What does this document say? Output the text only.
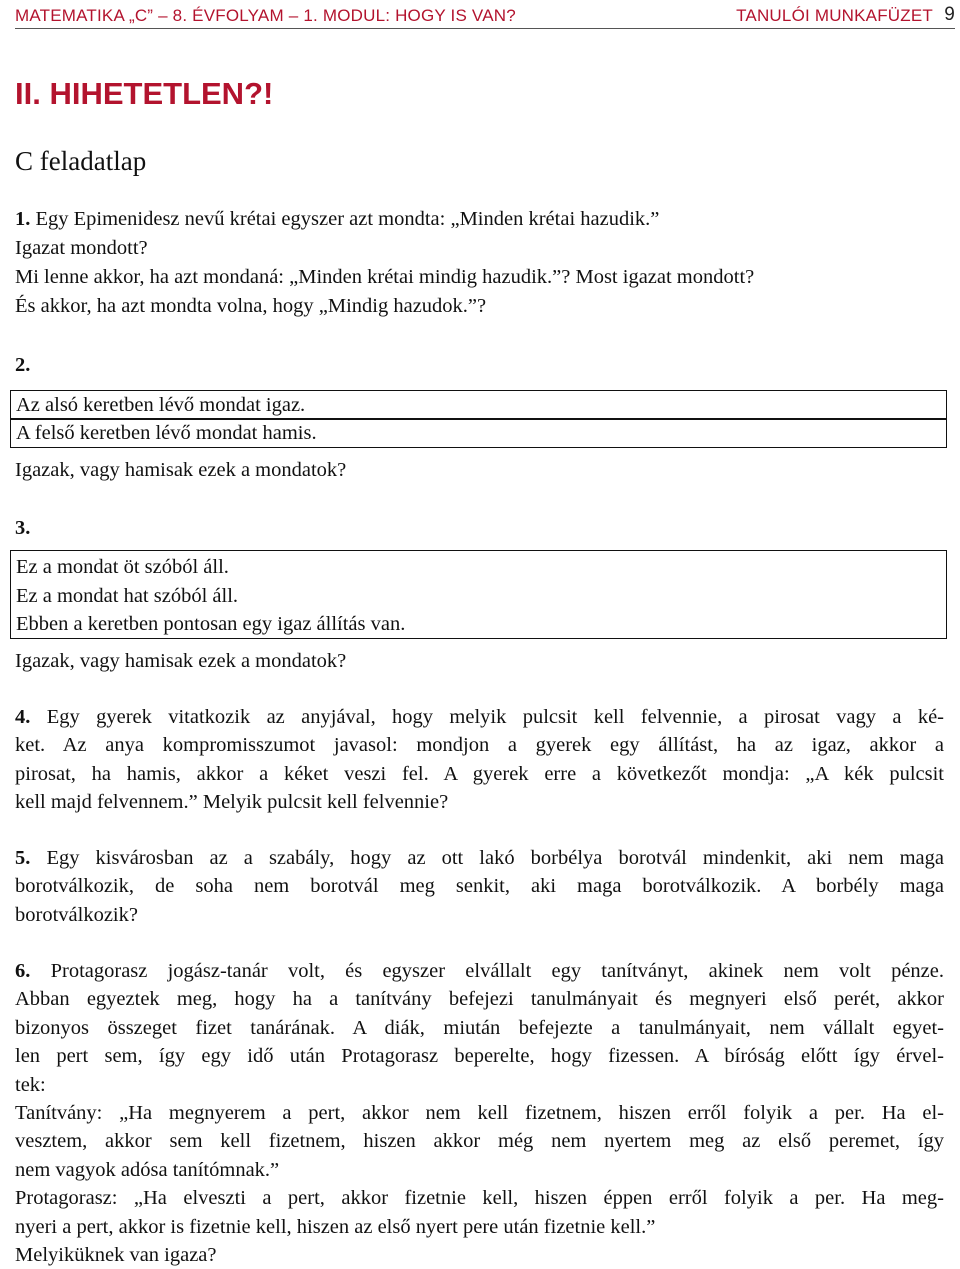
MATEMATIKA „C” – 8. ÉVFOLYAM – 1. MODUL: HOGY IS VAN?	TANULÓI MUNKAFÜZET 9
II. HIHETETLEN?!
C feladatlap
1. Egy Epimenidesz nevű krétai egyszer azt mondta: „Minden krétai hazudik.”
Igazat mondott?
Mi lenne akkor, ha azt mondaná: „Minden krétai mindig hazudik.”? Most igazat mondott?
És akkor, ha azt mondta volna, hogy „Mindig hazudok.”?
2.
Az alsó keretben lévő mondat igaz.
A felső keretben lévő mondat hamis.
Igazak, vagy hamisak ezek a mondatok?
3.
Ez a mondat öt szóból áll.
Ez a mondat hat szóból áll.
Ebben a keretben pontosan egy igaz állítás van.
Igazak, vagy hamisak ezek a mondatok?
4. Egy gyerek vitatkozik az anyjával, hogy melyik pulcsit kell felvennie, a pirosat vagy a ké-
ket. Az anya kompromisszumot javasol: mondjon a gyerek egy állítást, ha az igaz, akkor a
pirosat, ha hamis, akkor a kéket veszi fel. A gyerek erre a következőt mondja: „A kék pulcsit
kell majd felvennem.” Melyik pulcsit kell felvennie?
5. Egy kisvárosban az a szabály, hogy az ott lakó borbélya borotvál mindenkit, aki nem maga
borotválkozik, de soha nem borotvál meg senkit, aki maga borotválkozik. A borbély maga
borotválkozik?
6. Protagorasz jogász-tanár volt, és egyszer elvállalt egy tanítványt, akinek nem volt pénze.
Abban egyeztek meg, hogy ha a tanítvány befejezi tanulmányait és megnyeri első perét, akkor
bizonyos összeget fizet tanárának. A diák, miután befejezte a tanulmányait, nem vállalt egyet-
len pert sem, így egy idő után Protagorasz beperelte, hogy fizessen. A bíróság előtt így érvel-
tek:
Tanítvány: „Ha megnyerem a pert, akkor nem kell fizetnem, hiszen erről folyik a per. Ha el-
vesztem, akkor sem kell fizetnem, hiszen akkor még nem nyertem meg az első peremet, így
nem vagyok adósa tanítómnak.”
Protagorasz: „Ha elveszti a pert, akkor fizetnie kell, hiszen éppen erről folyik a per. Ha meg-
nyeri a pert, akkor is fizetnie kell, hiszen az első nyert pere után fizetnie kell.”
Melyiküknek van igaza?
